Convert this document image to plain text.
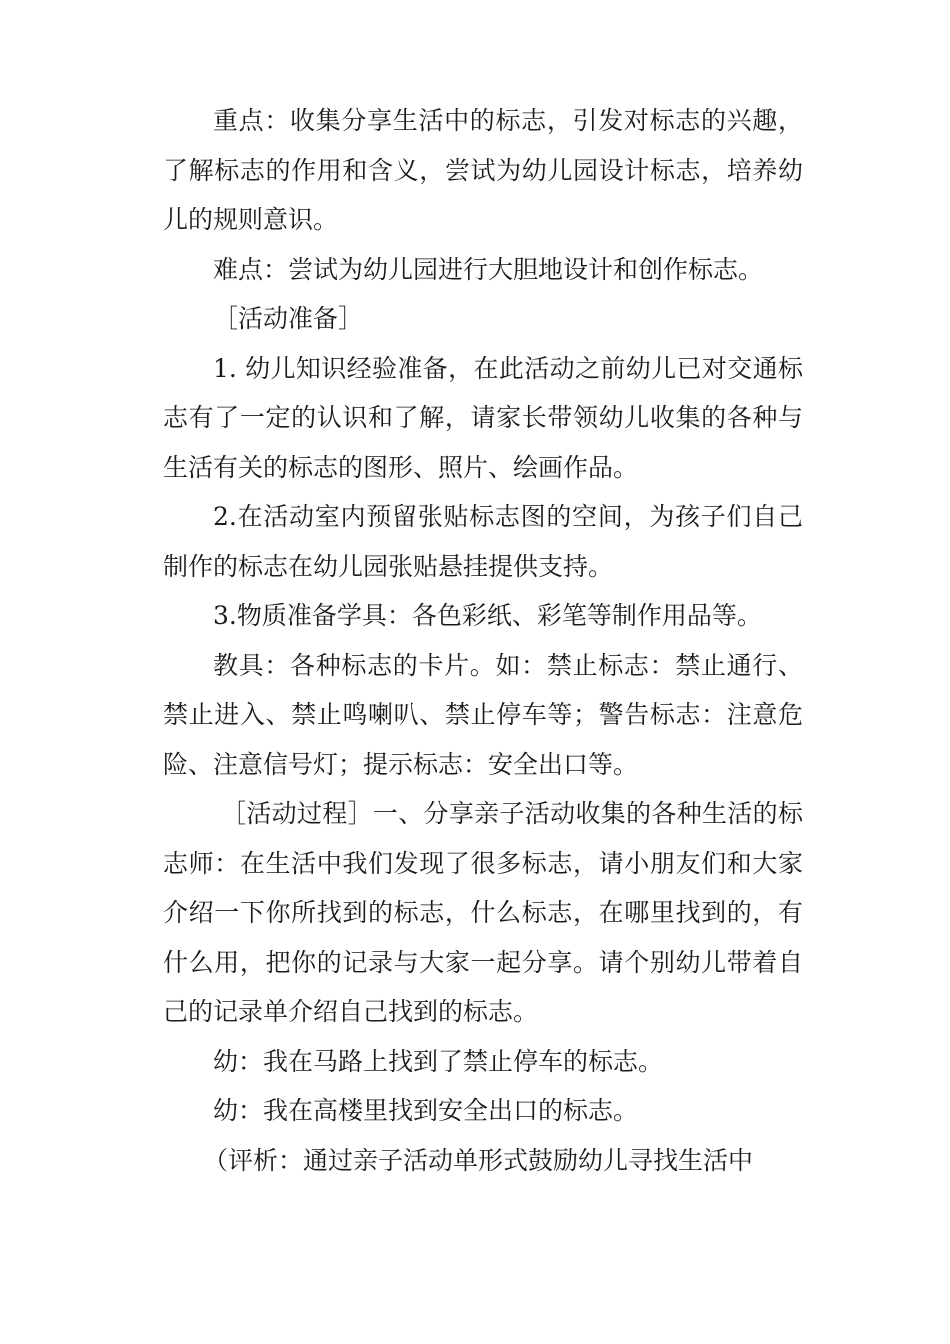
重点：收集分享生活中的标志，引发对标志的兴趣，了解标志的作用和含义，尝试为幼儿园设计标志，培养幼儿的规则意识。

难点：尝试为幼儿园进行大胆地设计和创作标志。

［活动准备］

1. 幼儿知识经验准备，在此活动之前幼儿已对交通标志有了一定的认识和了解，请家长带领幼儿收集的各种与生活有关的标志的图形、照片、绘画作品。

2.在活动室内预留张贴标志图的空间，为孩子们自己制作的标志在幼儿园张贴悬挂提供支持。

3.物质准备学具：各色彩纸、彩笔等制作用品等。

教具：各种标志的卡片。如：禁止标志：禁止通行、禁止进入、禁止鸣喇叭、禁止停车等；警告标志：注意危险、注意信号灯；提示标志：安全出口等。

［活动过程］一、分享亲子活动收集的各种生活的标志师：在生活中我们发现了很多标志，请小朋友们和大家介绍一下你所找到的标志，什么标志，在哪里找到的，有什么用，把你的记录与大家一起分享。请个别幼儿带着自己的记录单介绍自己找到的标志。

幼：我在马路上找到了禁止停车的标志。

幼：我在高楼里找到安全出口的标志。

（评析：通过亲子活动单形式鼓励幼儿寻找生活中
